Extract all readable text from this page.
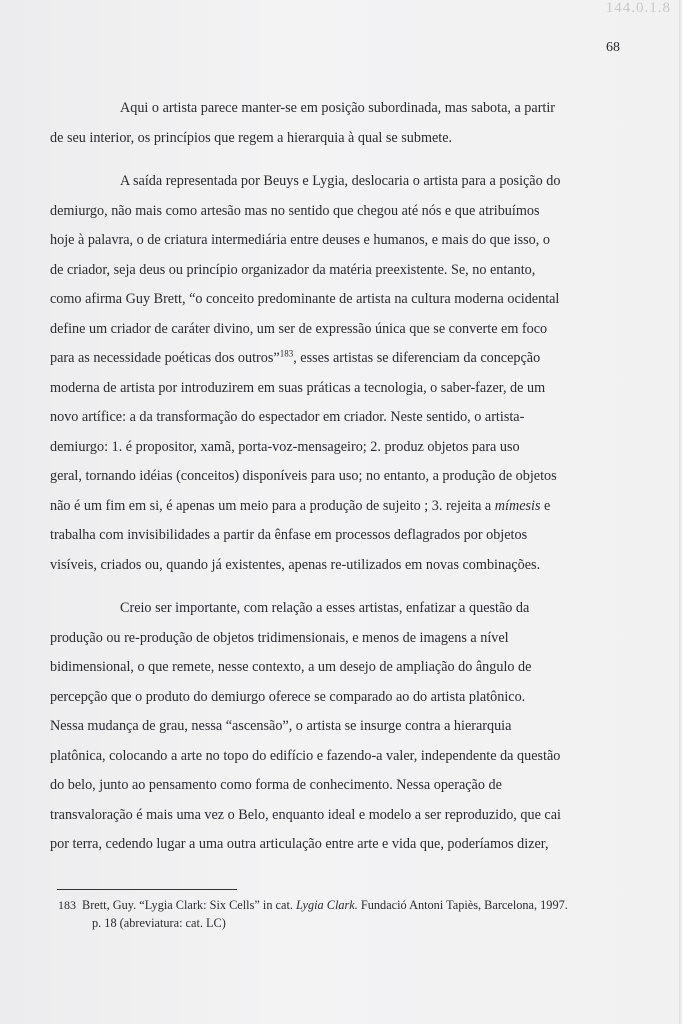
144.0.1.8
68

Aqui o artista parece manter-se em posição subordinada, mas sabota, a partir
de seu interior, os princípios que regem a hierarquia à qual se submete.

A saída representada por Beuys e Lygia, deslocaria o artista para a posição do
demiurgo, não mais como artesão mas no sentido que chegou até nós e que atribuímos
hoje à palavra, o de criatura intermediária entre deuses e humanos, e mais do que isso, o
de criador, seja deus ou princípio organizador da matéria preexistente. Se, no entanto,
como afirma Guy Brett, “o conceito predominante de artista na cultura moderna ocidental
define um criador de caráter divino, um ser de expressão única que se converte em foco
para as necessidade poéticas dos outros”$^{183}$, esses artistas se diferenciam da concepção
moderna de artista por introduzirem em suas práticas a tecnologia, o saber-fazer, de um
novo artífice: a da transformação do espectador em criador. Neste sentido, o artista-
demiurgo: 1. é propositor, xamã, porta-voz-mensageiro; 2. produz objetos para uso
geral, tornando idéias (conceitos) disponíveis para uso; no entanto, a produção de objetos
não é um fim em si, é apenas um meio para a produção de sujeito ; 3. rejeita a mímesis e
trabalha com invisibilidades a partir da ênfase em processos deflagrados por objetos
visíveis, criados ou, quando já existentes, apenas re-utilizados em novas combinações.

Creio ser importante, com relação a esses artistas, enfatizar a questão da
produção ou re-produção de objetos tridimensionais, e menos de imagens a nível
bidimensional, o que remete, nesse contexto, a um desejo de ampliação do ângulo de
percepção que o produto do demiurgo oferece se comparado ao do artista platônico.
Nessa mudança de grau, nessa “ascensão”, o artista se insurge contra a hierarquia
platônica, colocando a arte no topo do edifício e fazendo-a valer, independente da questão
do belo, junto ao pensamento como forma de conhecimento. Nessa operação de
transvaloração é mais uma vez o Belo, enquanto ideal e modelo a ser reproduzido, que cai
por terra, cedendo lugar a uma outra articulação entre arte e vida que, poderíamos dizer,

183 Brett, Guy. “Lygia Clark: Six Cells” in cat. Lygia Clark. Fundació Antoni Tapiès, Barcelona, 1997.
p. 18 (abreviatura: cat. LC)
